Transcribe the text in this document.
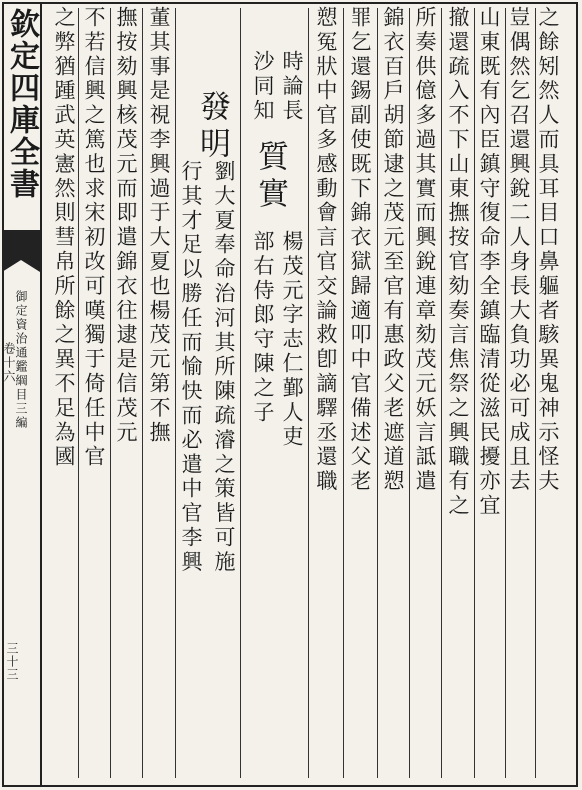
欽定四庫全書
御定資治通鑑綱目三編
卷十六
三十三
之餘矧然人而具耳目口鼻軀者駭異鬼神示怪夫
豈偶然乞召還興銳二人身長大負功必可成且去
山東既有內臣鎮守復命李全鎮臨清從滋民擾亦宜
撤還疏入不下山東撫按官劾奏言焦祭之興職有之
所奏供億多過其實而興銳連章劾茂元妖言詆遣
錦衣百戶胡節逮之茂元至官有惠政父老遮道愬
罪乞還錫副使既下錦衣獄歸適叩中官備述父老
愬冤狀中官多感動會言官交論救卽謫驛丞還職
時論長
沙同知
質實
楊茂元字志仁鄞人吏
部右侍郎守陳之子
發明
劉大夏奉命治河其所陳疏濬之策皆可施
行其才足以勝任而愉快而必遣中官李興
董其事是視李興過于大夏也楊茂元第不撫
撫按劾興核茂元而即遣錦衣往逮是信茂元
不若信興之篤也求宋初改可嘆獨于倚任中官
之弊猶踵武英憲然則彗帛所餘之異不足為國
